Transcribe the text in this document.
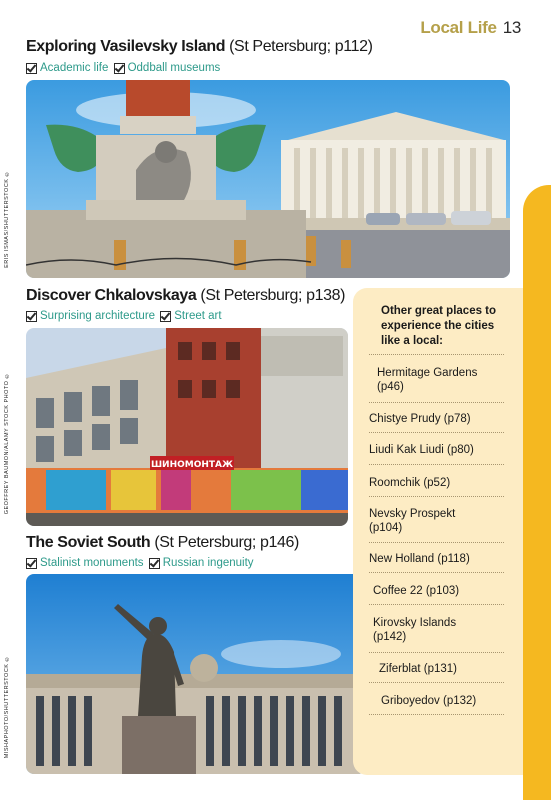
Local Life 13
Exploring Vasilevsky Island (St Petersburg; p112)
Academic life
Oddball museums
ERIS ISMAS/SHUTTERSTOCK ©
Discover Chkalovskaya (St Petersburg; p138)
Surprising architecture
Street art
GEOFFREY BAUMON/ALAMY STOCK PHOTO ©	ШИНОМОНТАЖ
The Soviet South (St Petersburg; p146)
Stalinist monuments
Russian ingenuity
MISHAPHOTO/SHUTTERSTOCK ©
Other great places to experience the cities like a local:
Hermitage Gardens (p46)
Chistye Prudy (p78)
Liudi Kak Liudi (p80)
Roomchik (p52)
Nevsky Prospekt (p104)
New Holland (p118)
Coffee 22 (p103)
Kirovsky Islands (p142)
Ziferblat (p131)
Griboyedov (p132)
